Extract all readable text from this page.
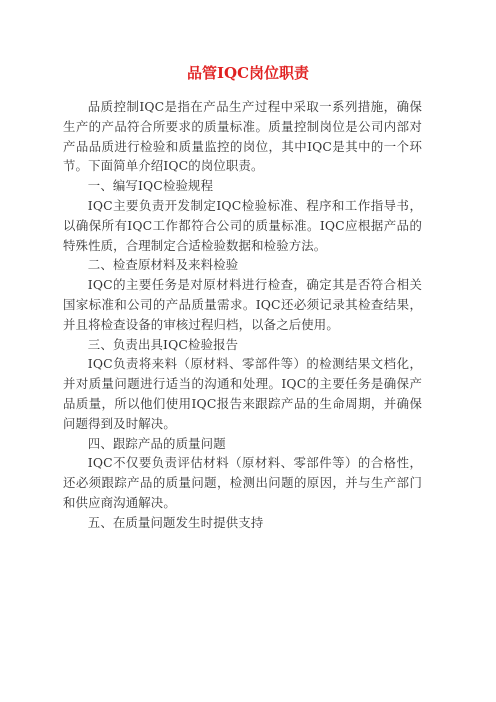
品管IQC岗位职责

品质控制IQC是指在产品生产过程中采取一系列措施，确保生产的产品符合所要求的质量标准。质量控制岗位是公司内部对产品品质进行检验和质量监控的岗位，其中IQC是其中的一个环节。下面简单介绍IQC的岗位职责。

一、编写IQC检验规程

IQC主要负责开发制定IQC检验标准、程序和工作指导书，以确保所有IQC工作都符合公司的质量标准。IQC应根据产品的特殊性质，合理制定合适检验数据和检验方法。

二、检查原材料及来料检验

IQC的主要任务是对原材料进行检查，确定其是否符合相关国家标准和公司的产品质量需求。IQC还必须记录其检查结果，并且将检查设备的审核过程归档，以备之后使用。

三、负责出具IQC检验报告

IQC负责将来料（原材料、零部件等）的检测结果文档化，并对质量问题进行适当的沟通和处理。IQC的主要任务是确保产品质量，所以他们使用IQC报告来跟踪产品的生命周期，并确保问题得到及时解决。

四、跟踪产品的质量问题

IQC不仅要负责评估材料（原材料、零部件等）的合格性，还必须跟踪产品的质量问题，检测出问题的原因，并与生产部门和供应商沟通解决。

五、在质量问题发生时提供支持
